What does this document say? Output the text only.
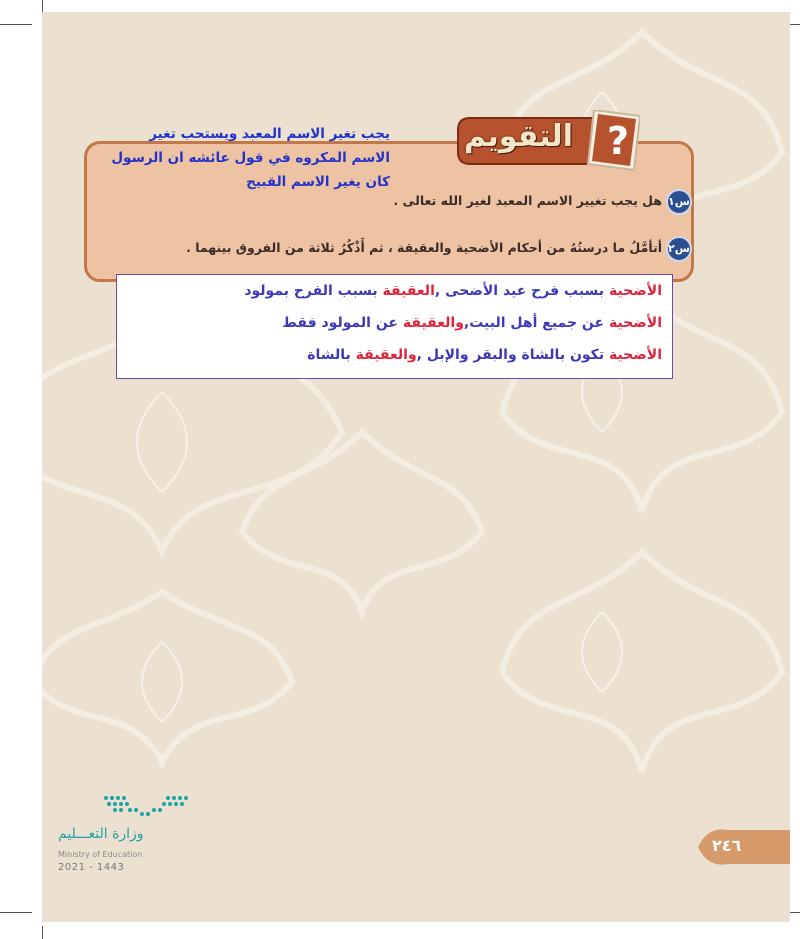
?
التقويم
يجب تغير الاسم المعبد ويستحب تغير
الاسم المكروه في قول عائشه ان الرسول
كان يغير الاسم القبيح
س١
هل يجب تغيير الاسم المعبد لغير الله تعالى .
س٢
أتأمَّلُ ما درستُهُ من أحكام الأضحية والعقيقة ، ثم أَذْكُرُ ثلاثة من الفروق بينهما .
الأضحية بسبب فرح عيد الأضحى ,العقيقة بسبب الفرح بمولود
الأضحية عن جميع أهل البيت,والعقيقة عن المولود فقط
الأضحية تكون بالشاة والبقر والإبل ,والعقيقة بالشاة
وزارة التعـــليم
Ministry of Education
2021 - 1443
٢٤٦
